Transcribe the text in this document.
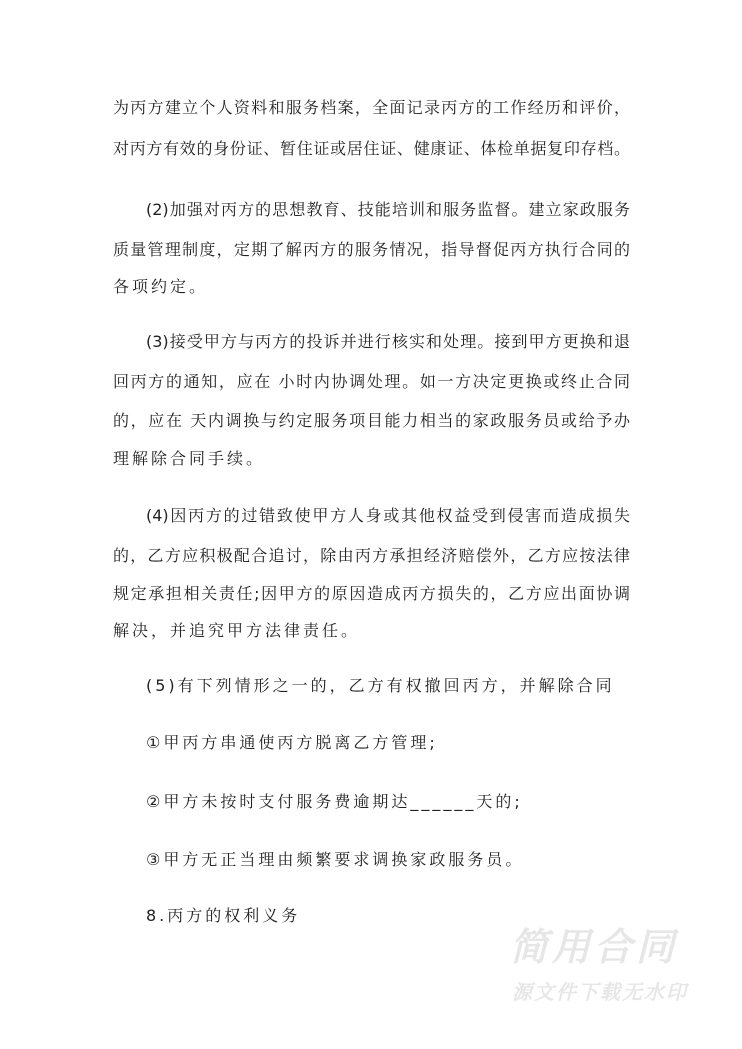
为丙方建立个人资料和服务档案，全面记录丙方的工作经历和评价，
对丙方有效的身份证、暂住证或居住证、健康证、体检单据复印存档。
(2)加强对丙方的思想教育、技能培训和服务监督。建立家政服务
质量管理制度，定期了解丙方的服务情况，指导督促丙方执行合同的
各项约定。
(3)接受甲方与丙方的投诉并进行核实和处理。接到甲方更换和退
回丙方的通知，应在 小时内协调处理。如一方决定更换或终止合同
的，应在 天内调换与约定服务项目能力相当的家政服务员或给予办
理解除合同手续。
(4)因丙方的过错致使甲方人身或其他权益受到侵害而造成损失
的，乙方应积极配合追讨，除由丙方承担经济赔偿外，乙方应按法律
规定承担相关责任;因甲方的原因造成丙方损失的，乙方应出面协调
解决，并追究甲方法律责任。
(5)有下列情形之一的，乙方有权撤回丙方，并解除合同
①甲丙方串通使丙方脱离乙方管理;
②甲方未按时支付服务费逾期达______天的;
③甲方无正当理由频繁要求调换家政服务员。
8.丙方的权利义务
简用合同
源文件下载无水印
